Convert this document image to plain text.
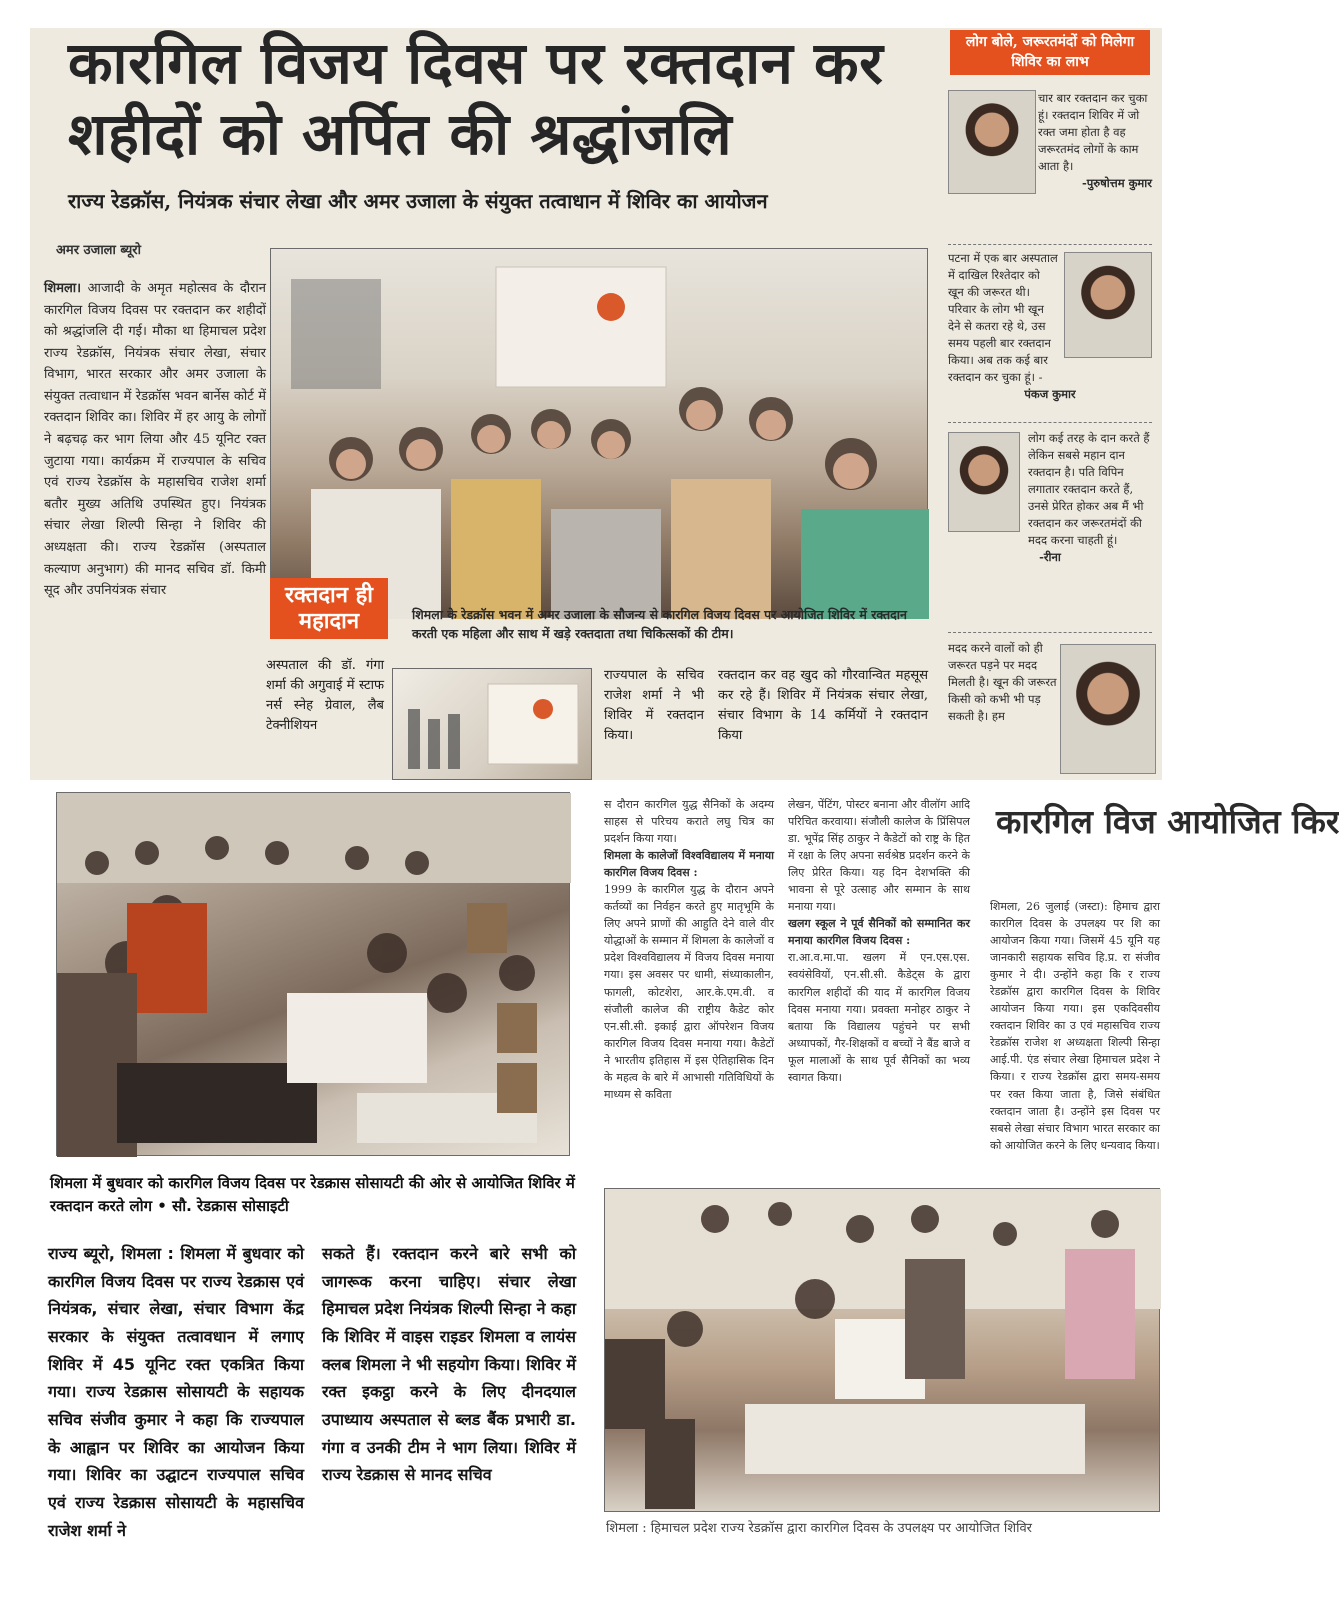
कारगिल विजय दिवस पर रक्तदान कर शहीदों को अर्पित की श्रद्धांजलि
राज्य रेडक्रॉस, नियंत्रक संचार लेखा और अमर उजाला के संयुक्त तत्वाधान में शिविर का आयोजन
अमर उजाला ब्यूरो
शिमला। आजादी के अमृत महोत्सव के दौरान कारगिल विजय दिवस पर रक्तदान कर शहीदों को श्रद्धांजलि दी गई। मौका था हिमाचल प्रदेश राज्य रेडक्रॉस, नियंत्रक संचार लेखा, संचार विभाग, भारत सरकार और अमर उजाला के संयुक्त तत्वाधान में रेडक्रॉस भवन बार्नेस कोर्ट में रक्तदान शिविर का। शिविर में हर आयु के लोगों ने बढ़चढ़ कर भाग लिया और 45 यूनिट रक्त जुटाया गया। कार्यक्रम में राज्यपाल के सचिव एवं राज्य रेडक्रॉस के महासचिव राजेश शर्मा बतौर मुख्य अतिथि उपस्थित हुए। नियंत्रक संचार लेखा शिल्पी सिन्हा ने शिविर की अध्यक्षता की। राज्य रेडक्रॉस (अस्पताल कल्याण अनुभाग) की मानद सचिव डॉ. किमी सूद और उपनियंत्रक संचार	रक्तदान ही महादान	शिमला के रेडक्रॉस भवन में अमर उजाला के सौजन्य से कारगिल विजय दिवस पर आयोजित शिविर में रक्तदान करती एक महिला और साथ में खड़े रक्तदाता तथा चिकित्सकों की टीम।

अस्पताल की डॉ. गंगा शर्मा की अगुवाई में स्टाफ नर्स स्नेह ग्रेवाल, लैब टेक्नीशियन
राज्यपाल के सचिव राजेश शर्मा ने भी शिविर में रक्तदान किया।
रक्तदान कर वह खुद को गौरवान्वित महसूस कर रहे हैं। शिविर में नियंत्रक संचार लेखा, संचार विभाग के 14 कर्मियों ने रक्तदान किया
लोग बोले, जरूरतमंदों को मिलेगा शिविर का लाभ
चार बार रक्तदान कर चुका हूं। रक्तदान शिविर में जो रक्त जमा होता है वह जरूरतमंद लोगों के काम आता है।
-पुरुषोत्तम कुमार
पटना में एक बार अस्पताल में दाखिल रिश्तेदार को खून की जरूरत थी। परिवार के लोग भी खून देने से कतरा रहे थे, उस समय पहली बार रक्तदान किया। अब तक कई बार रक्तदान कर चुका हूं। -
पंकज कुमार
लोग कई तरह के दान करते हैं लेकिन सबसे महान दान रक्तदान है। पति विपिन लगातार रक्तदान करते हैं, उनसे प्रेरित होकर अब मैं भी रक्तदान कर जरूरतमंदों की मदद करना चाहती हूं।
-रीना
मदद करने वालों को ही जरूरत पड़ने पर मदद मिलती है। खून की जरूरत किसी को कभी भी पड़ सकती है। हम

शिमला में बुधवार को कारगिल विजय दिवस पर रेडक्रास सोसायटी की ओर से आयोजित शिविर में रक्तदान करते लोग • सौ. रेडक्रास सोसाइटी

राज्य ब्यूरो, शिमला : शिमला में बुधवार को कारगिल विजय दिवस पर राज्य रेडक्रास एवं नियंत्रक, संचार लेखा, संचार विभाग केंद्र सरकार के संयुक्त तत्वावधान में लगाए शिविर में 45 यूनिट रक्त एकत्रित किया गया। राज्य रेडक्रास सोसायटी के सहायक सचिव संजीव कुमार ने कहा कि राज्यपाल के आह्वान पर शिविर का आयोजन किया गया। शिविर का उद्घाटन राज्यपाल सचिव एवं राज्य रेडक्रास सोसायटी के महासचिव राजेश शर्मा ने
सकते हैं। रक्तदान करने बारे सभी को जागरूक करना चाहिए। संचार लेखा हिमाचल प्रदेश नियंत्रक शिल्पी सिन्हा ने कहा कि शिविर में वाइस राइडर शिमला व लायंस क्लब शिमला ने भी सहयोग किया। शिविर में रक्त इकट्ठा करने के लिए दीनदयाल उपाध्याय अस्पताल से ब्लड बैंक प्रभारी डा. गंगा व उनकी टीम ने भाग लिया। शिविर में राज्य रेडक्रास से मानद सचिव
स दौरान कारगिल युद्ध सैनिकों के अदम्य साहस से परिचय कराते लघु चित्र का प्रदर्शन किया गया।
शिमला के कालेजों विश्वविद्यालय में मनाया कारगिल विजय दिवस :
1999 के कारगिल युद्ध के दौरान अपने कर्तव्यों का निर्वहन करते हुए मातृभूमि के लिए अपने प्राणों की आहुति देने वाले वीर योद्धाओं के सम्मान में शिमला के कालेजों व प्रदेश विश्वविद्यालय में विजय दिवस मनाया गया। इस अवसर पर धामी, संध्याकालीन, फागली, कोटशेरा, आर.के.एम.वी. व संजौली कालेज की राष्ट्रीय कैडेट कोर एन.सी.सी. इकाई द्वारा ऑपरेशन विजय कारगिल विजय दिवस मनाया गया। कैडेटों ने भारतीय इतिहास में इस ऐतिहासिक दिन के महत्व के बारे में आभासी गतिविधियों के माध्यम से कविता
लेखन, पेंटिंग, पोस्टर बनाना और वीलॉग आदि परिचित करवाया। संजौली कालेज के प्रिंसिपल डा. भूपेंद्र सिंह ठाकुर ने कैडेटों को राष्ट्र के हित में रक्षा के लिए अपना सर्वश्रेष्ठ प्रदर्शन करने के लिए प्रेरित किया। यह दिन देशभक्ति की भावना से पूरे उत्साह और सम्मान के साथ मनाया गया।
खलग स्कूल ने पूर्व सैनिकों को सम्मानित कर मनाया कारगिल विजय दिवस :
रा.आ.व.मा.पा. खलग में एन.एस.एस. स्वयंसेवियों, एन.सी.सी. कैडेट्स के द्वारा कारगिल शहीदों की याद में कारगिल विजय दिवस मनाया गया। प्रवक्ता मनोहर ठाकुर ने बताया कि विद्यालय पहुंचने पर सभी अध्यापकों, गैर-शिक्षकों व बच्चों ने बैंड बाजे व फूल मालाओं के साथ पूर्व सैनिकों का भव्य स्वागत किया।
कारगिल विज आयोजित किर
शिमला, 26 जुलाई (जस्टा): हिमाच द्वारा कारगिल दिवस के उपलक्ष्य पर शि का आयोजन किया गया। जिसमें 45 यूनि यह जानकारी सहायक सचिव हि.प्र. रा संजीव कुमार ने दी। उन्होंने कहा कि र राज्य रेडक्रॉस द्वारा कारगिल दिवस के शिविर आयोजन किया गया। इस एकदिवसीय रक्तदान शिविर का उ एवं महासचिव राज्य रेडक्रॉस राजेश श अध्यक्षता शिल्पी सिन्हा आई.पी. एंड संचार लेखा हिमाचल प्रदेश ने किया। र राज्य रेडक्रॉस द्वारा समय-समय पर रक्त किया जाता है, जिसे संबंधित रक्तदान जाता है। उन्होंने इस दिवस पर सबसे लेखा संचार विभाग भारत सरकार का को आयोजित करने के लिए धन्यवाद किया।

शिमला : हिमाचल प्रदेश राज्य रेडक्रॉस द्वारा कारगिल दिवस के उपलक्ष्य पर आयोजित शिविर
